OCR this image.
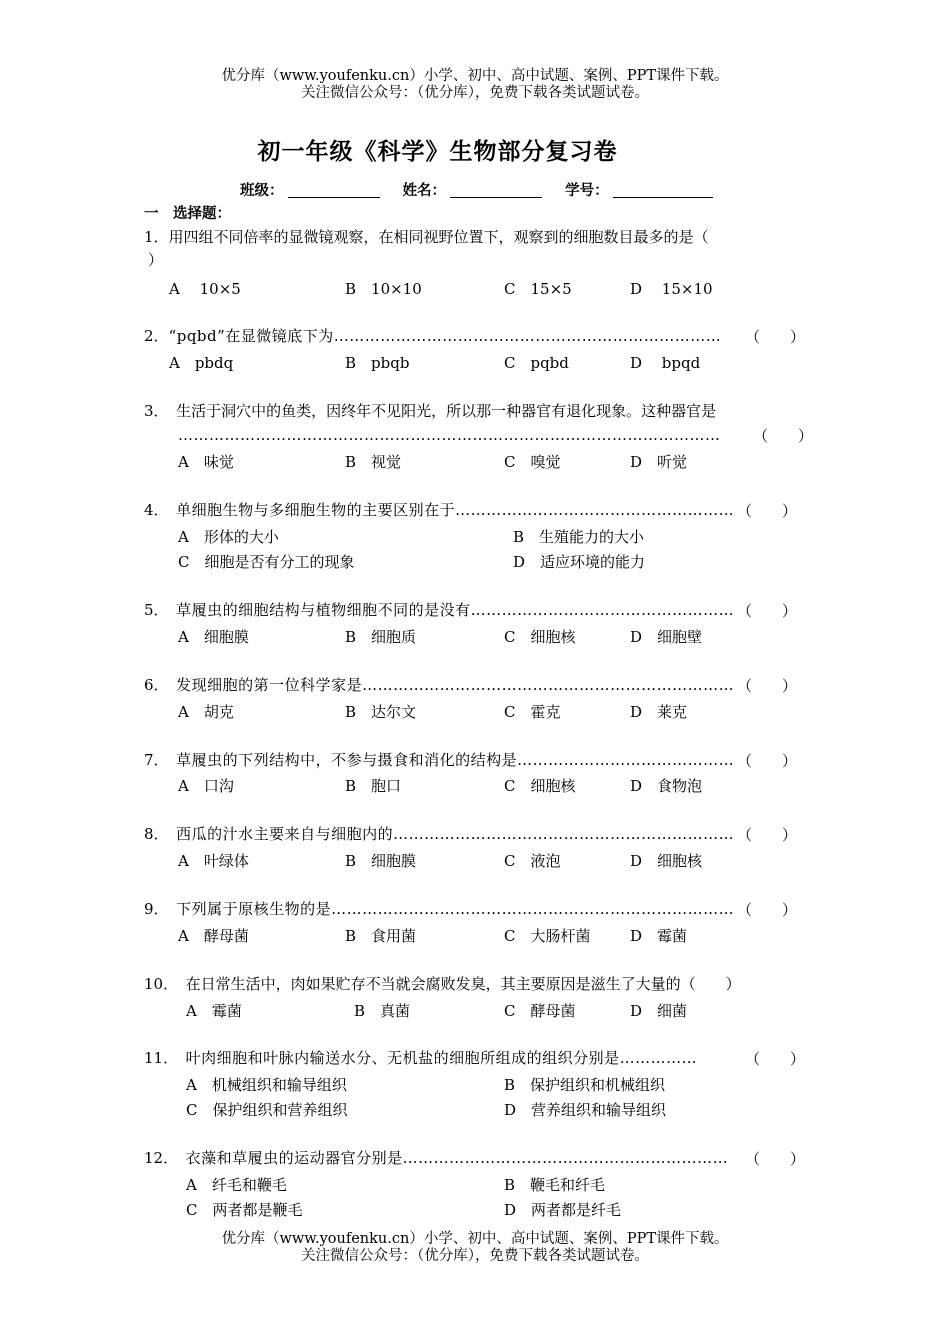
优分库（www.youfenku.cn）小学、初中、高中试题、案例、PPT课件下载。
关注微信公众号：（优分库），免费下载各类试题试卷。
初一年级《科学》生物部分复习卷
班级：	姓名：	学号：
一　选择题：
1．用四组不同倍率的显微镜观察，在相同视野位置下，观察到的细胞数目最多的是（
）
A　 10×5	B　10×10	C　15×5	D　 15×10
2．“pqbd”在显微镜底下为………………………………………………………………… （　　）
A　pbdq	B　pbqb	C　pqbd	D　 bpqd
3．　 生活于洞穴中的鱼类，因终年不见阳光，所以那一种器官有退化现象。这种器官是
…………………………………………………………………………………………… （　　）
A　味觉	B　视觉	C　嗅觉	D　听觉
4．　 单细胞生物与多细胞生物的主要区别在于……………………………………………… （　　）
A　形体的大小	B　生殖能力的大小
C　细胞是否有分工的现象	D　适应环境的能力
5．　 草履虫的细胞结构与植物细胞不同的是没有…………………………………………… （　　）
A　细胞膜	B　细胞质	C　细胞核	D　细胞壁
6．　 发现细胞的第一位科学家是……………………………………………………………… （　　）
A　胡克	B　达尔文	C　霍克	D　莱克
7．　 草履虫的下列结构中，不参与摄食和消化的结构是…………………………………… （　　）
A　口沟	B　胞口	C　细胞核	D　食物泡
8．　 西瓜的汁水主要来自与细胞内的………………………………………………………… （　　）
A　叶绿体	B　细胞膜	C　液泡	D　细胞核
9．　 下列属于原核生物的是…………………………………………………………………… （　　）
A　酵母菌	B　食用菌	C　大肠杆菌	D　霉菌
10．　 在日常生活中，肉如果贮存不当就会腐败发臭，其主要原因是滋生了大量的（　　）
A　霉菌	B　真菌	C　酵母菌	D　细菌
11．　 叶肉细胞和叶脉内输送水分、无机盐的细胞所组成的组织分别是……………	（　　）
A　机械组织和输导组织	B　保护组织和机械组织
C　保护组织和营养组织	D　营养组织和输导组织
12．　 衣藻和草履虫的运动器官分别是……………………………………………………… （　　）
A　纤毛和鞭毛	B　鞭毛和纤毛
C　两者都是鞭毛	D　两者都是纤毛
优分库（www.youfenku.cn）小学、初中、高中试题、案例、PPT课件下载。
关注微信公众号：（优分库），免费下载各类试题试卷。
